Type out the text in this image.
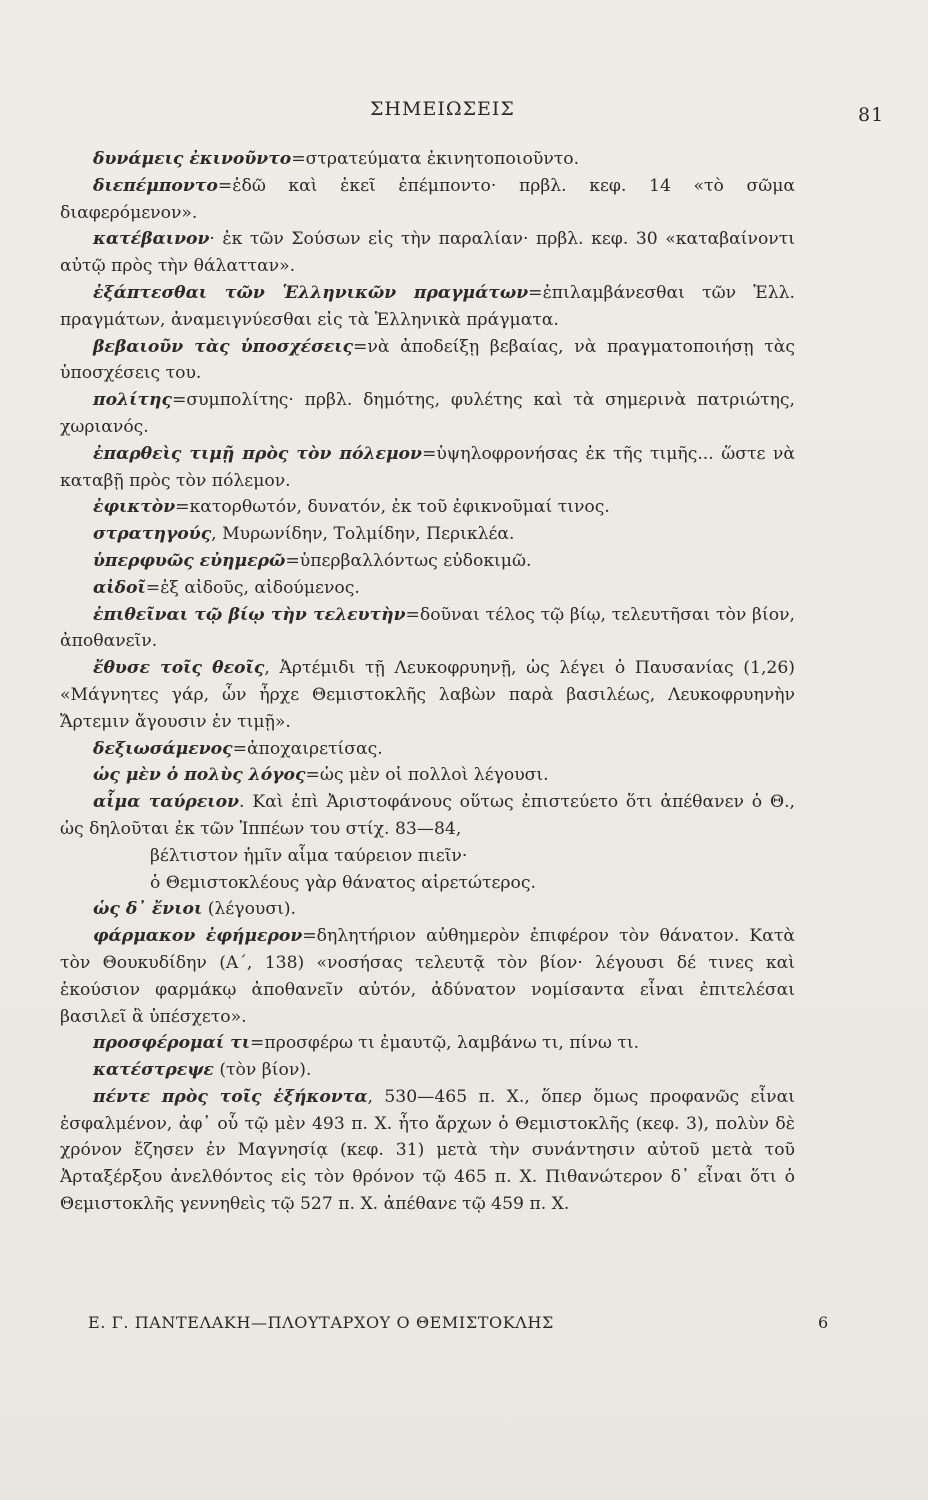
ΣΗΜΕΙΩΣΕΙΣ	81

δυνάμεις ἐκινοῦντο=στρατεύματα ἐκινητοποιοῦντο.

διεπέμποντο=ἐδῶ καὶ ἐκεῖ ἐπέμποντο· πρβλ. κεφ. 14 «τὸ σῶμα διαφερόμενον».

κατέβαινον· ἐκ τῶν Σούσων εἰς τὴν παραλίαν· πρβλ. κεφ. 30 «καταβαίνοντι αὐτῷ πρὸς τὴν θάλατταν».

ἐξάπτεσθαι τῶν Ἑλληνικῶν πραγμάτων=ἐπιλαμβάνεσθαι τῶν Ἑλλ. πραγμάτων, ἀναμειγνύεσθαι εἰς τὰ Ἑλληνικὰ πράγματα.

βεβαιοῦν τὰς ὑποσχέσεις=νὰ ἀποδείξῃ βεβαίας, νὰ πραγματοποιήσῃ τὰς ὑποσχέσεις του.

πολίτης=συμπολίτης· πρβλ. δημότης, φυλέτης καὶ τὰ σημερινὰ πατριώτης, χωριανός.

ἐπαρθεὶς τιμῇ πρὸς τὸν πόλεμον=ὑψηλοφρονήσας ἐκ τῆς τιμῆς... ὥστε νὰ καταβῇ πρὸς τὸν πόλεμον.

ἐφικτὸν=κατορθωτόν, δυνατόν, ἐκ τοῦ ἐφικνοῦμαί τινος.

στρατηγούς, Μυρωνίδην, Τολμίδην, Περικλέα.

ὑπερφυῶς εὐημερῶ=ὑπερβαλλόντως εὐδοκιμῶ.

αἰδοῖ=ἐξ αἰδοῦς, αἰδούμενος.

ἐπιθεῖναι τῷ βίῳ τὴν τελευτὴν=δοῦναι τέλος τῷ βίῳ, τελευτῆσαι τὸν βίον, ἀποθανεῖν.

ἔθυσε τοῖς θεοῖς, Ἀρτέμιδι τῇ Λευκοφρυηνῇ, ὡς λέγει ὁ Παυσανίας (1,26) «Μάγνητες γάρ, ὧν ἦρχε Θεμιστοκλῆς λαβὼν παρὰ βασιλέως, Λευκοφρυηνὴν Ἄρτεμιν ἄγουσιν ἐν τιμῇ».

δεξιωσάμενος=ἀποχαιρετίσας.

ὡς μὲν ὁ πολὺς λόγος=ὡς μὲν οἱ πολλοὶ λέγουσι.

αἷμα ταύρειον. Καὶ ἐπὶ Ἀριστοφάνους οὕτως ἐπιστεύετο ὅτι ἀπέθανεν ὁ Θ., ὡς δηλοῦται ἐκ τῶν Ἱππέων του στίχ. 83—84,

βέλτιστον ἡμῖν αἷμα ταύρειον πιεῖν·

ὁ Θεμιστοκλέους γὰρ θάνατος αἱρετώτερος.

ὡς δ᾽ ἔνιοι (λέγουσι).

φάρμακον ἐφήμερον=δηλητήριον αὐθημερὸν ἐπιφέρον τὸν θάνατον. Κατὰ τὸν Θουκυδίδην (Α΄, 138) «νοσήσας τελευτᾷ τὸν βίον· λέγουσι δέ τινες καὶ ἑκούσιον φαρμάκῳ ἀποθανεῖν αὐτόν, ἀδύνατον νομίσαντα εἶναι ἐπιτελέσαι βασιλεῖ ἃ ὑπέσχετο».

προσφέρομαί τι=προσφέρω τι ἐμαυτῷ, λαμβάνω τι, πίνω τι.

κατέστρεψε (τὸν βίον).

πέντε πρὸς τοῖς ἑξήκοντα, 530—465 π. Χ., ὅπερ ὅμως προφανῶς εἶναι ἐσφαλμένον, ἀφ᾽ οὗ τῷ μὲν 493 π. Χ. ἦτο ἄρχων ὁ Θεμιστοκλῆς (κεφ. 3), πολὺν δὲ χρόνον ἔζησεν ἐν Μαγνησίᾳ (κεφ. 31) μετὰ τὴν συνάντησιν αὐτοῦ μετὰ τοῦ Ἀρταξέρξου ἀνελθόντος εἰς τὸν θρόνον τῷ 465 π. Χ. Πιθανώτερον δ᾽ εἶναι ὅτι ὁ Θεμιστοκλῆς γεννηθεὶς τῷ 527 π. Χ. ἀπέθανε τῷ 459 π. Χ.

Ε. Γ. ΠΑΝΤΕΛΑΚΗ—ΠΛΟΥΤΑΡΧΟΥ Ο ΘΕΜΙΣΤΟΚΛΗΣ	6
